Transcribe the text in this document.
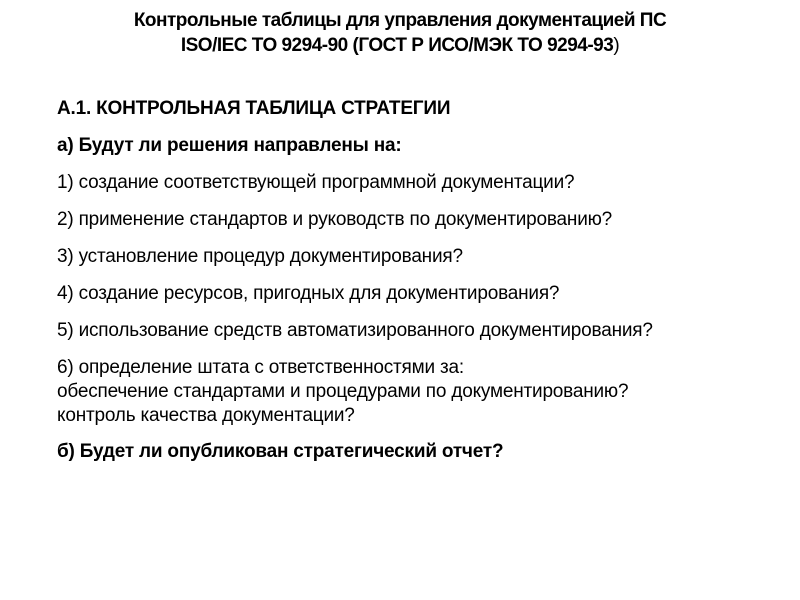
Контрольные таблицы для управления документацией ПС
ISO/IEC ТО 9294-90 (ГОСТ Р ИСО/МЭК ТО 9294-93)
А.1. КОНТРОЛЬНАЯ ТАБЛИЦА СТРАТЕГИИ
а) Будут ли решения направлены на:
1) создание соответствующей программной документации?
2) применение стандартов и руководств по документированию?
3) установление процедур документирования?
4) создание ресурсов, пригодных для документирования?
5) использование средств автоматизированного документирования?
6) определение штата с ответственностями за:
обеспечение стандартами и процедурами по документированию?
контроль качества документации?
б) Будет ли опубликован стратегический отчет?
